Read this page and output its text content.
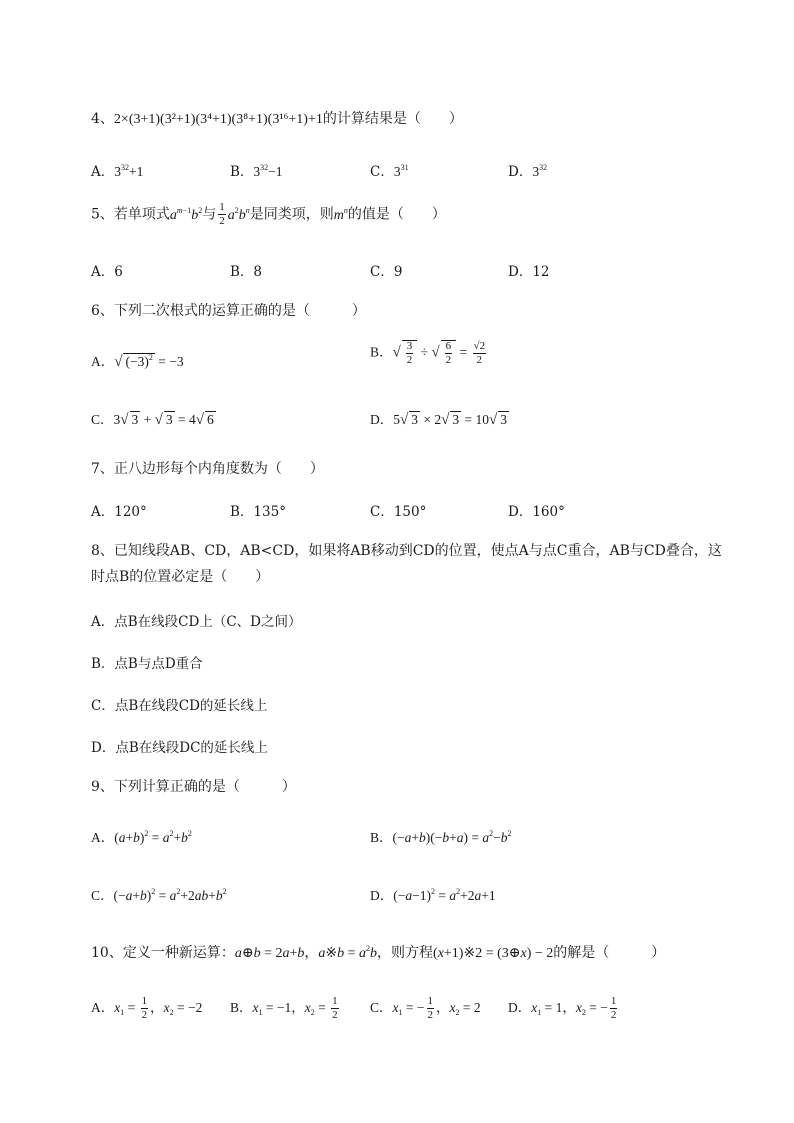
4、2×(3+1)(3²+1)(3⁴+1)(3⁸+1)(3¹⁶+1)+1的计算结果是（　　）
A．$3^{32}+1$	B．$3^{32}-1$	C．$3^{31}$	D．$3^{32}$
5、若单项式$a^{m-1}b^2$与 $\frac{1}{2} a^2b^n$是同类项，则$m^n$的值是（　　）
A．6	B．8	C．9	D．12
6、下列二次根式的运算正确的是（　　　）
A．√ $(-3)^2 = -3$
B．√ $\frac{3}{2}$ ÷ √ $\frac{6}{2} = \frac{√2}{2}$
C．3√ 3 + √ 3 = 4√ 6	D．5√ 3 × 2√ 3 = 10√ 3
7、正八边形每个内角度数为（　　）
A．120°	B．135°	C．150°	D．160°
8、已知线段AB、CD，AB<CD，如果将AB移动到CD的位置，使点A与点C重合，AB与CD叠合，这
时点B的位置必定是（　　）
A．点B在线段CD上（C、D之间）
B．点B与点D重合
C．点B在线段CD的延长线上
D．点B在线段DC的延长线上
9、下列计算正确的是（　　　）
A．$(a+b)^2 = a^2+b^2$	B．$(-a+b)(-b+a) = a^2-b^2$
C．$(-a+b)^2 = a^2+2ab+b^2$	D．$(-a-1)^2 = a^2+2a+1$
10、定义一种新运算：a⊕b = 2a+b，a※b = $a^2b$，则方程(x+1)※2 = (3⊕x) − 2的解是（　　　）
A．$x_1 = \frac{1}{2}$ ，$x_2 = -2$ B．$x_1 = -1$，$x_2 = \frac{1}{2}$ C．$x_1$ = − $\frac{1}{2}$ ，$x_2 = 2$ D．$x_1 = 1$，$x_2$ = − $\frac{1}{2}$
